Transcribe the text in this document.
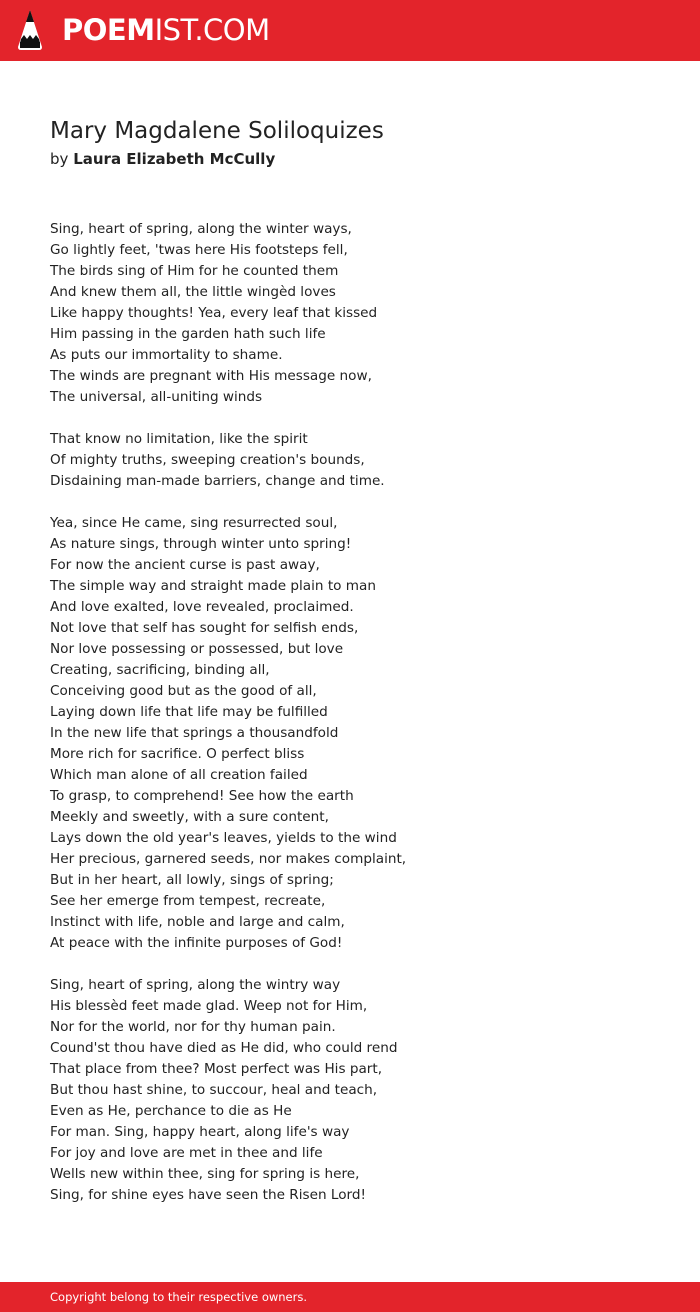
POEMIST.COM
Mary Magdalene Soliloquizes
by Laura Elizabeth McCully
Sing, heart of spring, along the winter ways,
Go lightly feet, 'twas here His footsteps fell,
The birds sing of Him for he counted them
And knew them all, the little wingèd loves
Like happy thoughts! Yea, every leaf that kissed
Him passing in the garden hath such life
As puts our immortality to shame.
The winds are pregnant with His message now,
The universal, all-uniting winds
That know no limitation, like the spirit
Of mighty truths, sweeping creation's bounds,
Disdaining man-made barriers, change and time.
Yea, since He came, sing resurrected soul,
As nature sings, through winter unto spring!
For now the ancient curse is past away,
The simple way and straight made plain to man
And love exalted, love revealed, proclaimed.
Not love that self has sought for selfish ends,
Nor love possessing or possessed, but love
Creating, sacrificing, binding all,
Conceiving good but as the good of all,
Laying down life that life may be fulfilled
In the new life that springs a thousandfold
More rich for sacrifice. O perfect bliss
Which man alone of all creation failed
To grasp, to comprehend! See how the earth
Meekly and sweetly, with a sure content,
Lays down the old year's leaves, yields to the wind
Her precious, garnered seeds, nor makes complaint,
But in her heart, all lowly, sings of spring;
See her emerge from tempest, recreate,
Instinct with life, noble and large and calm,
At peace with the infinite purposes of God!
Sing, heart of spring, along the wintry way
His blessèd feet made glad. Weep not for Him,
Nor for the world, nor for thy human pain.
Cound'st thou have died as He did, who could rend
That place from thee? Most perfect was His part,
But thou hast shine, to succour, heal and teach,
Even as He, perchance to die as He
For man. Sing, happy heart, along life's way
For joy and love are met in thee and life
Wells new within thee, sing for spring is here,
Sing, for shine eyes have seen the Risen Lord!
Copyright belong to their respective owners.
